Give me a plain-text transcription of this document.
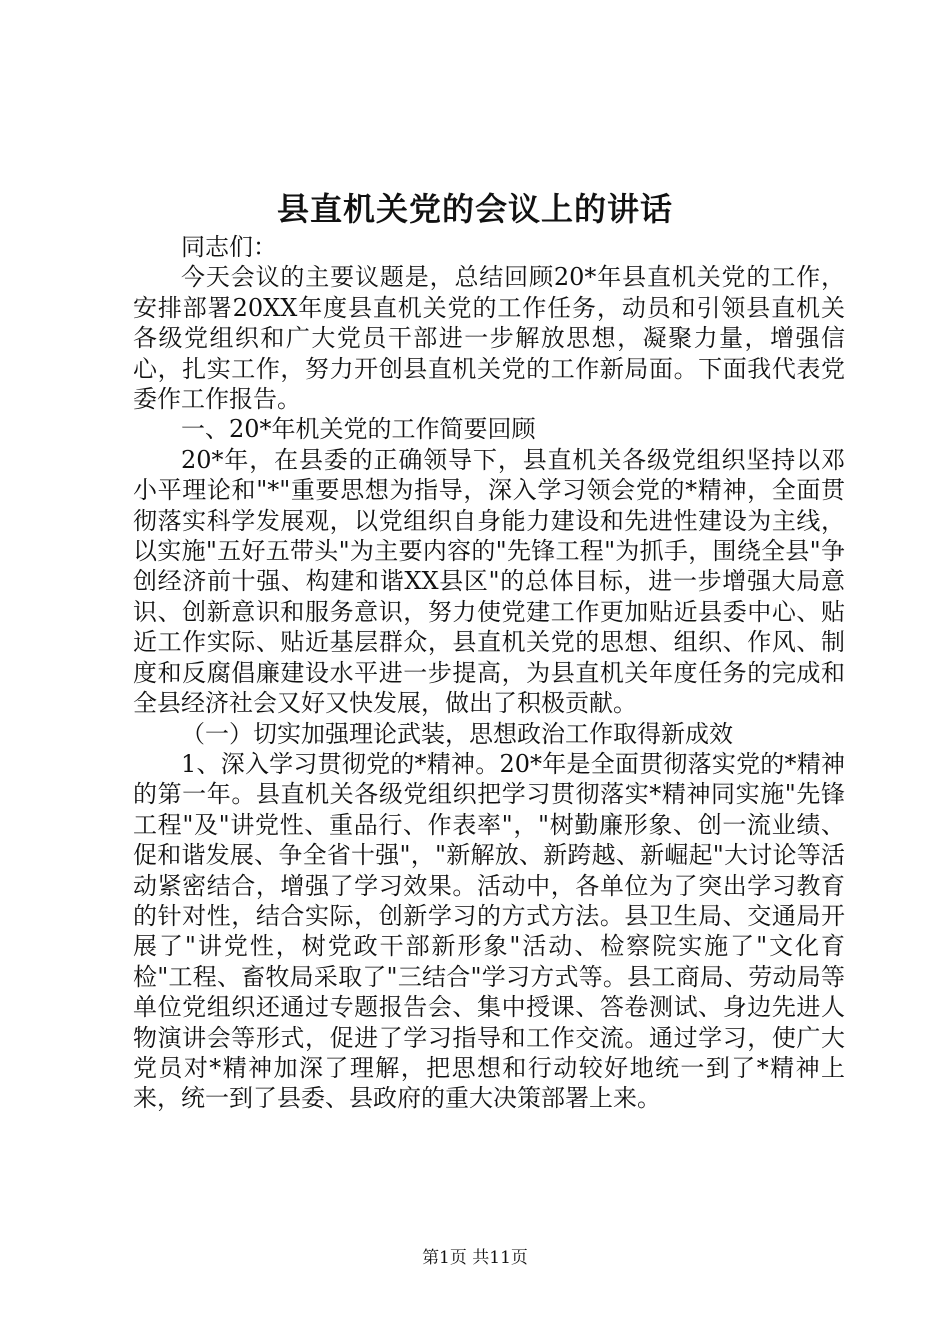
县直机关党的会议上的讲话

同志们：

今天会议的主要议题是，总结回顾20*年县直机关党的工作，安排部署20XX年度县直机关党的工作任务，动员和引领县直机关各级党组织和广大党员干部进一步解放思想，凝聚力量，增强信心，扎实工作，努力开创县直机关党的工作新局面。下面我代表党委作工作报告。

一、20*年机关党的工作简要回顾

20*年，在县委的正确领导下，县直机关各级党组织坚持以邓小平理论和"*"重要思想为指导，深入学习领会党的*精神，全面贯彻落实科学发展观，以党组织自身能力建设和先进性建设为主线，以实施"五好五带头"为主要内容的"先锋工程"为抓手，围绕全县"争创经济前十强、构建和谐XX县区"的总体目标，进一步增强大局意识、创新意识和服务意识，努力使党建工作更加贴近县委中心、贴近工作实际、贴近基层群众，县直机关党的思想、组织、作风、制度和反腐倡廉建设水平进一步提高，为县直机关年度任务的完成和全县经济社会又好又快发展，做出了积极贡献。

（一）切实加强理论武装，思想政治工作取得新成效

1、深入学习贯彻党的*精神。20*年是全面贯彻落实党的*精神的第一年。县直机关各级党组织把学习贯彻落实*精神同实施"先锋工程"及"讲党性、重品行、作表率"，"树勤廉形象、创一流业绩、促和谐发展、争全省十强"，"新解放、新跨越、新崛起"大讨论等活动紧密结合，增强了学习效果。活动中，各单位为了突出学习教育的针对性，结合实际，创新学习的方式方法。县卫生局、交通局开展了"讲党性，树党政干部新形象"活动、检察院实施了"文化育检"工程、畜牧局采取了"三结合"学习方式等。县工商局、劳动局等单位党组织还通过专题报告会、集中授课、答卷测试、身边先进人物演讲会等形式，促进了学习指导和工作交流。通过学习，使广大党员对*精神加深了理解，把思想和行动较好地统一到了*精神上来，统一到了县委、县政府的重大决策部署上来。

第1页 共11页
